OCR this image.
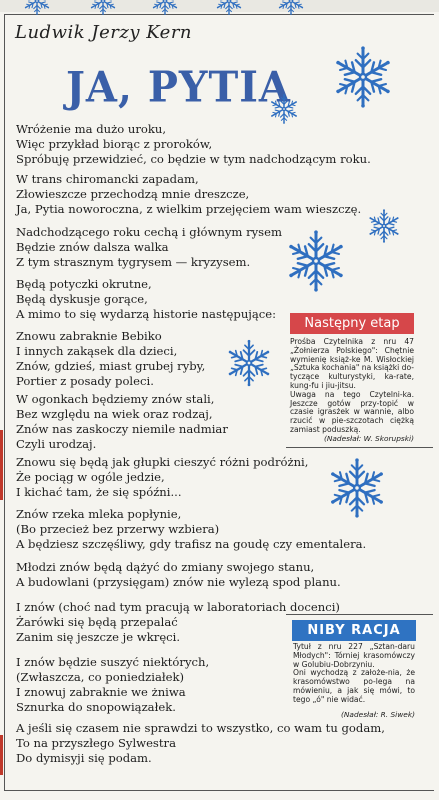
Ludwik Jerzy Kern
JA, PYTIA
Wróżenie ma dużo uroku,
Więc przykład biorąc z proroków,
Spróbuję przewidzieć, co będzie w tym nadchodzącym roku.
W trans chiromancki zapadam,
Złowieszcze przechodzą mnie dreszcze,
Ja, Pytia noworoczna, z wielkim przejęciem wam wieszczę.
Nadchodzącego roku cechą i głównym rysem
Będzie znów dalsza walka
Z tym strasznym tygrysem — kryzysem.
Będą potyczki okrutne,
Będą dyskusje gorące,
A mimo to się wydarzą historie następujące:
Znowu zabraknie Bebiko
I innych zakąsek dla dzieci,
Znów, gdzieś, miast grubej ryby,
Portier z posady poleci.
W ogonkach będziemy znów stali,
Bez względu na wiek oraz rodzaj,
Znów nas zaskoczy niemile nadmiar
Czyli urodzaj.
Znowu się będą jak głupki cieszyć różni podróżni,
Że pociąg w ogóle jedzie,
I kichać tam, że się spóźni...
Znów rzeka mleka popłynie,
(Bo przecież bez przerwy wzbiera)
A będziesz szczęśliwy, gdy trafisz na goudę czy ementalera.
Młodzi znów będą dążyć do zmiany swojego stanu,
A budowlani (przysięgam) znów nie wylezą spod planu.
I znów (choć nad tym pracują w laboratoriach docenci)
Żarówki się będą przepalać
Zanim się jeszcze je wkręci.
I znów będzie suszyć niektórych,
(Zwłaszcza, co poniedziałek)
I znowuj zabraknie we żniwa
Sznurka do snopowiązałek.
A jeśli się czasem nie sprawdzi to wszystko, co wam tu godam,
To na przyszłego Sylwestra
Do dymisyji się podam.
Następny etap

Prośba Czytelnika z nru 47 „Żołnierza Polskiego": Chętnie wymienię książ-ke M. Wisłockiej „Sztuka kochania" na książki do-tyczące kulturystyki, ka-rate, kung-fu i jiu-jitsu.

Uwaga na tego Czytelni-ka. Jeszcze gotów przy-topić w czasie igrasżek w wannie, albo rzucić w pie-szczotach ciężką zamiast poduszką.

(Nadesłał: W. Skorupski)
NIBY RACJA

Tytuł z nru 227 „Sztan-daru Młodych": Tórniej krasomówczy w Golubiu-Dobrzyniu.

Oni wychodzą z założe-nia, że krasomówstwo po-lega na mówieniu, a jak się mówi, to tego „ó" nie widać.

(Nadesłał: R. Siwek)
